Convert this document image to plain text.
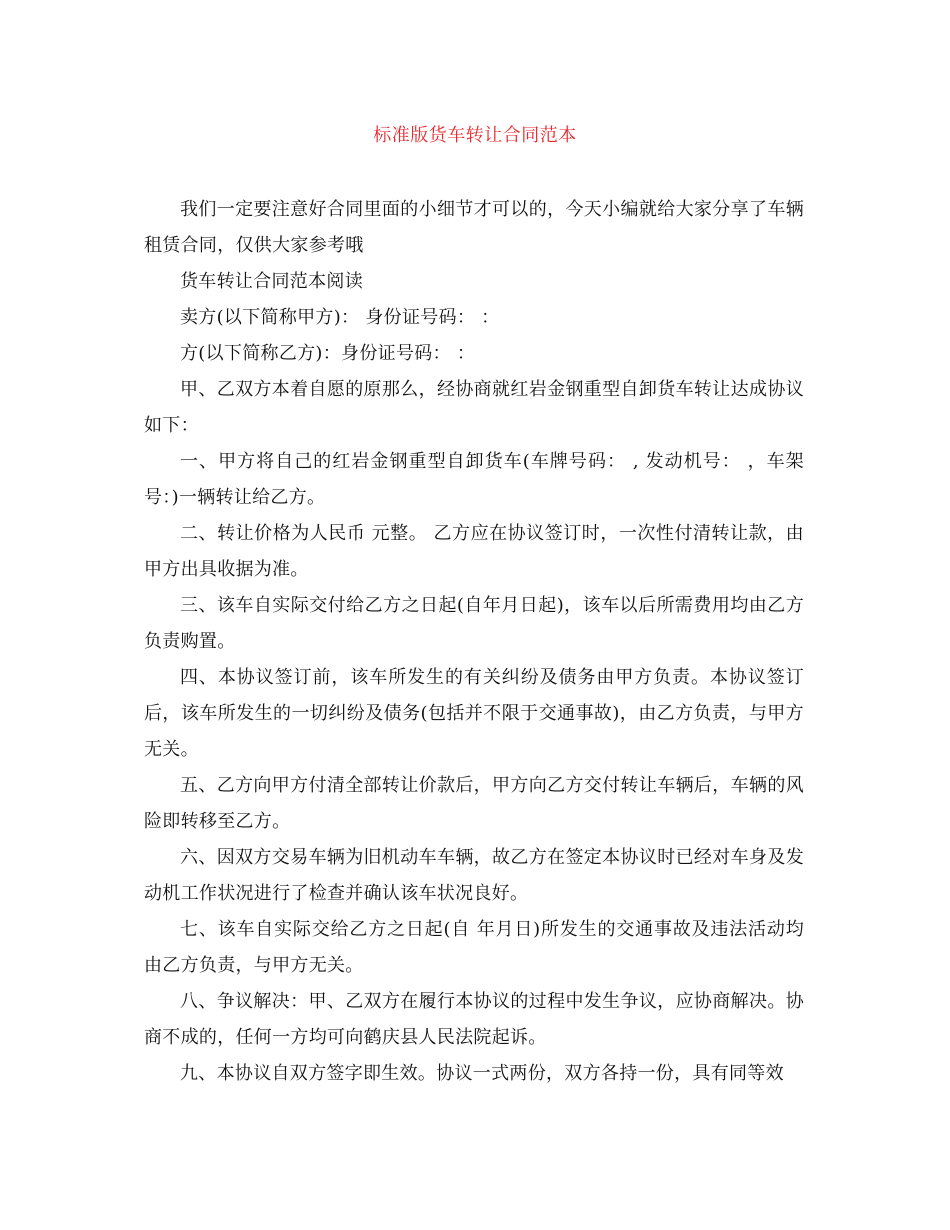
标准版货车转让合同范本

我们一定要注意好合同里面的小细节才可以的，今天小编就给大家分享了车辆租赁合同，仅供大家参考哦

货车转让合同范本阅读

卖方(以下简称甲方)： 身份证号码： ：

方(以下简称乙方)：身份证号码： ：

甲、乙双方本着自愿的原那么，经协商就红岩金钢重型自卸货车转让达成协议如下：

一、甲方将自己的红岩金钢重型自卸货车(车牌号码： , 发动机号： ，车架号：)一辆转让给乙方。

二、转让价格为人民币 元整。 乙方应在协议签订时，一次性付清转让款，由甲方出具收据为准。

三、该车自实际交付给乙方之日起(自年月日起)，该车以后所需费用均由乙方负责购置。

四、本协议签订前，该车所发生的有关纠纷及债务由甲方负责。本协议签订后，该车所发生的一切纠纷及债务(包括并不限于交通事故)，由乙方负责，与甲方无关。

五、乙方向甲方付清全部转让价款后，甲方向乙方交付转让车辆后，车辆的风险即转移至乙方。

六、因双方交易车辆为旧机动车车辆，故乙方在签定本协议时已经对车身及发动机工作状况进行了检查并确认该车状况良好。

七、该车自实际交给乙方之日起(自 年月日)所发生的交通事故及违法活动均由乙方负责，与甲方无关。

八、争议解决：甲、乙双方在履行本协议的过程中发生争议，应协商解决。协商不成的，任何一方均可向鹤庆县人民法院起诉。

九、本协议自双方签字即生效。协议一式两份，双方各持一份，具有同等效
